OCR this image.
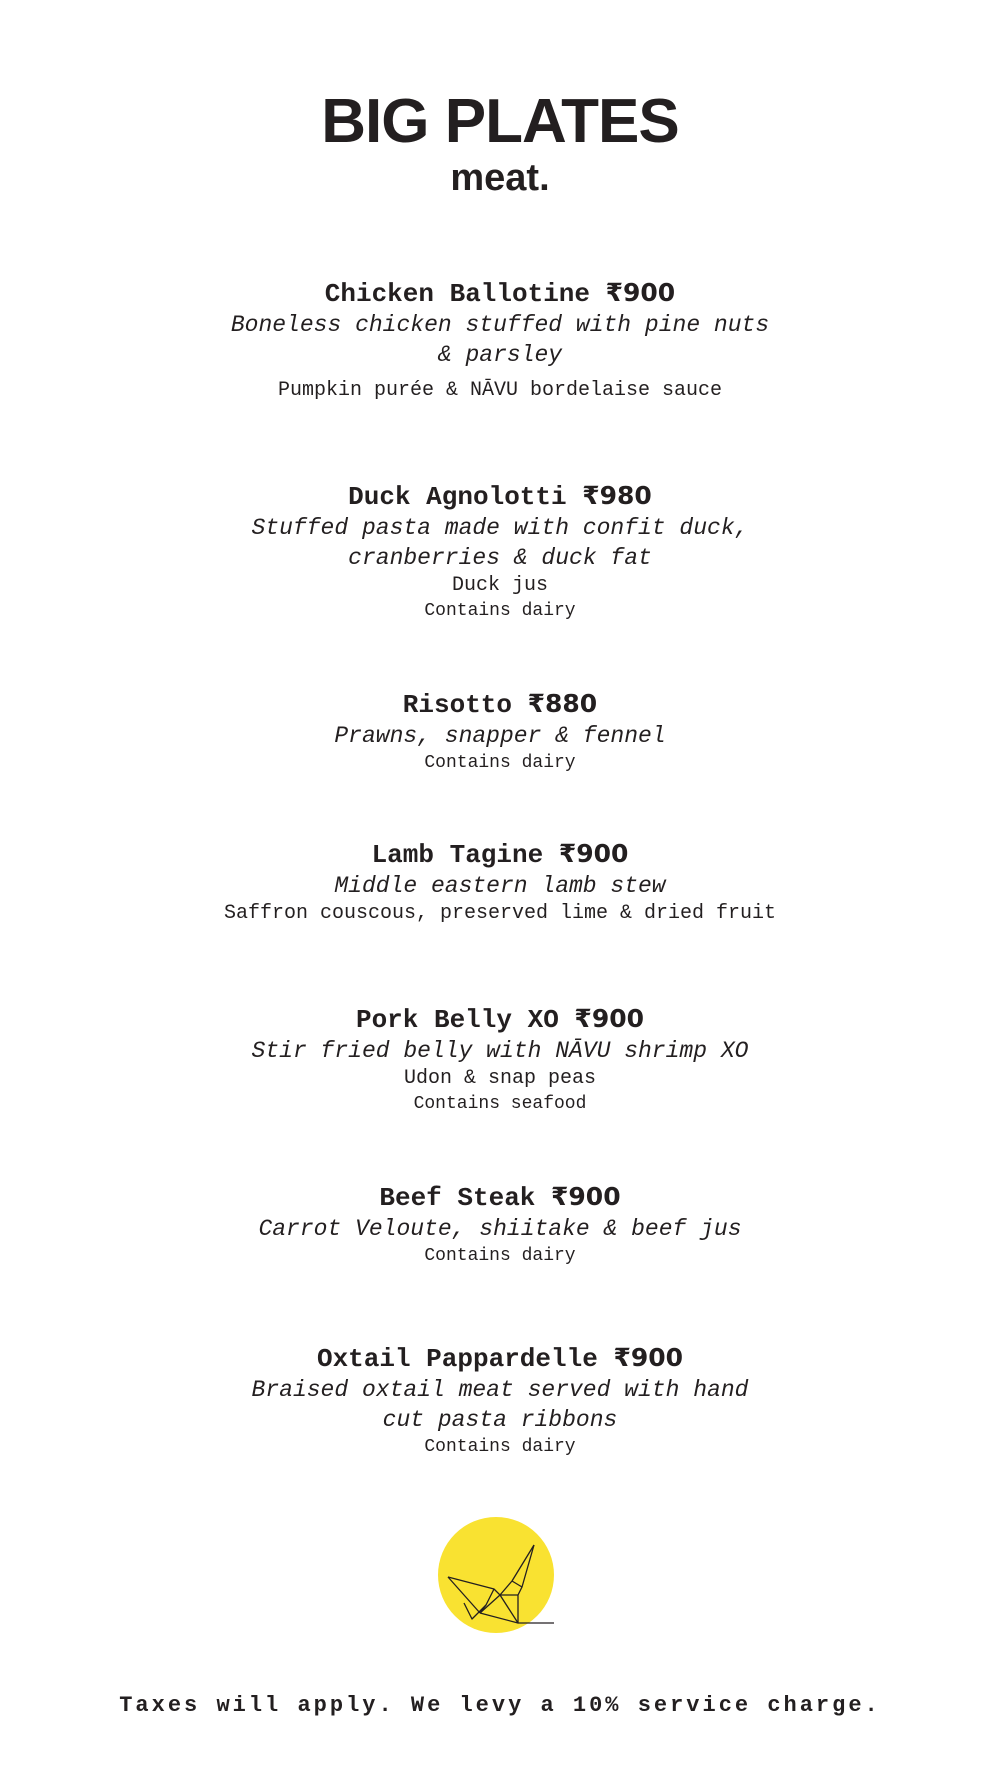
BIG PLATES
meat.

Chicken Ballotine ₹900

Boneless chicken stuffed with pine nuts

& parsley

Pumpkin purée & NĀVU bordelaise sauce

Duck Agnolotti ₹980

Stuffed pasta made with confit duck,

cranberries & duck fat

Duck jus

Contains dairy

Risotto ₹880

Prawns, snapper & fennel

Contains dairy

Lamb Tagine ₹900

Middle eastern lamb stew

Saffron couscous, preserved lime & dried fruit

Pork Belly XO ₹900

Stir fried belly with NĀVU shrimp XO

Udon & snap peas

Contains seafood

Beef Steak ₹900

Carrot Veloute, shiitake & beef jus

Contains dairy

Oxtail Pappardelle ₹900

Braised oxtail meat served with hand

cut pasta ribbons

Contains dairy

Taxes will apply. We levy a 10% service charge.
